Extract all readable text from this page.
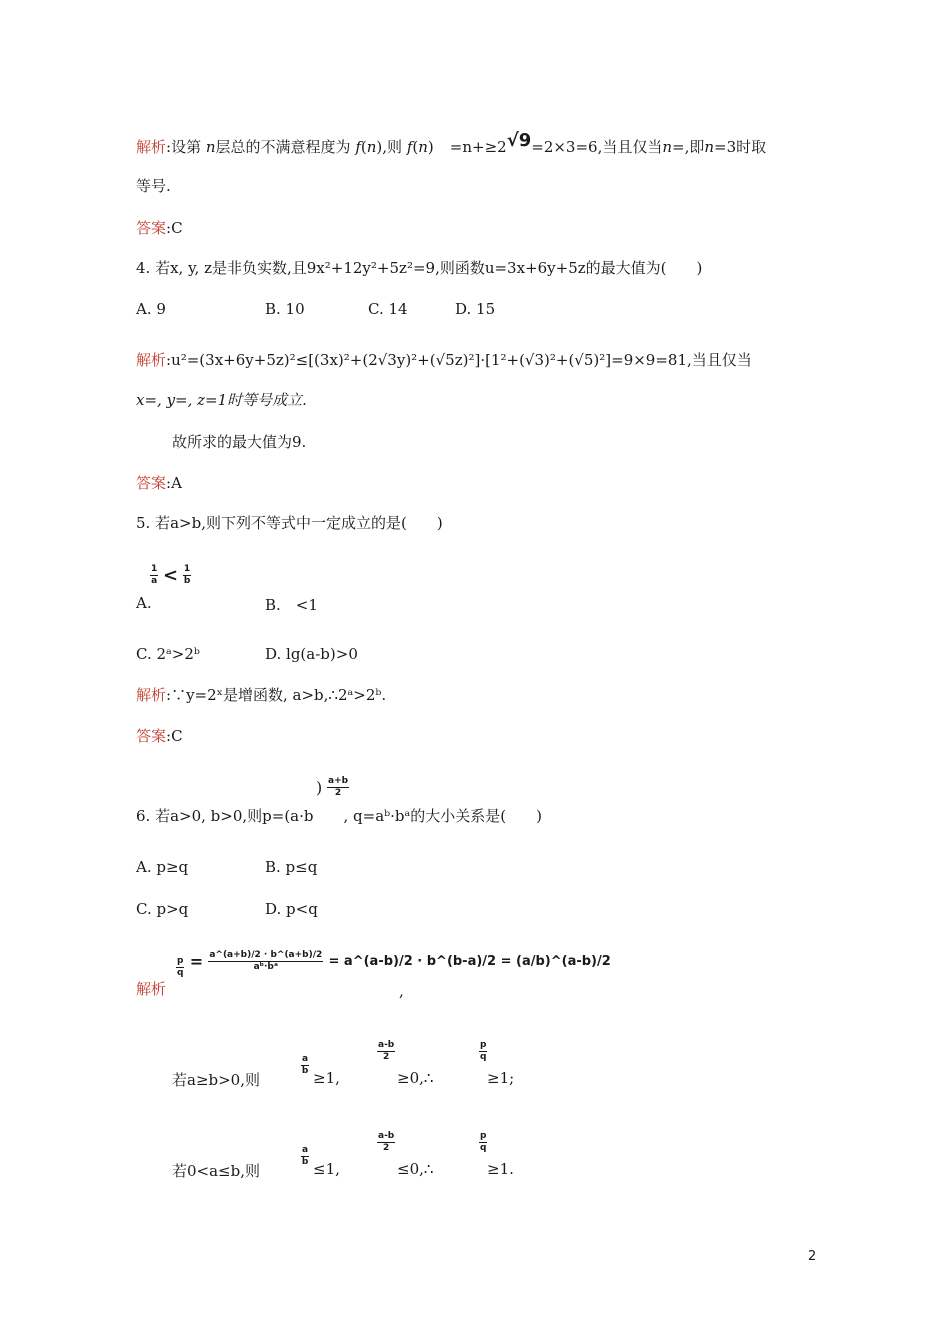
解析:设第 n层总的不满意程度为 f(n),则 f(n) =n+≥2√9=2×3=6,当且仅当n=,即n=3时取
等号.
答案:C
4. 若x, y, z是非负实数,且9x²+12y²+5z²=9,则函数u=3x+6y+5z的最大值为(　　)
A. 9	B. 10	C. 14	D. 15
解析:u²=(3x+6y+5z)²≤[(3x)²+(2√3y)²+(√5z)²]·[1²+(√3)²+(√5)²]=9×9=81,当且仅当
x=, y=, z=1时等号成立.
故所求的最大值为9.
答案:A
5. 若a>b,则下列不等式中一定成立的是(　　)
$\frac{1}{a} < \frac{1}{b}$
A.	B.　<1
C. 2ᵃ>2ᵇ	D. lg(a-b)>0
解析:∵y=2ˣ是增函数, a>b,∴2ᵃ>2ᵇ.
答案:C
) $\frac{a+b}{2}$
6. 若a>0, b>0,则p=(a·b　　, q=aᵇ·bᵃ的大小关系是(　　)
A. p≥q	B. p≤q
C. p>q	D. p<q
解析
$\frac{p}{q} = \frac{a\^{}(a+b)/2 \cdot b\^{}(a+b)/2}{\text{aᵇ·bᵃ}}$ = a^(a-b)/2 · b^(b-a)/2 = (a/b)^(a-b)/2
,
若a≥b>0,则
$\frac{a}{b}$
≥1,
$\frac{a-b}{2}$
≥0,∴
$\frac{p}{q}$
≥1;
若0<a≤b,则
$\frac{a}{b}$
≤1,
$\frac{a-b}{2}$
≤0,∴
$\frac{p}{q}$
≥1.
2
